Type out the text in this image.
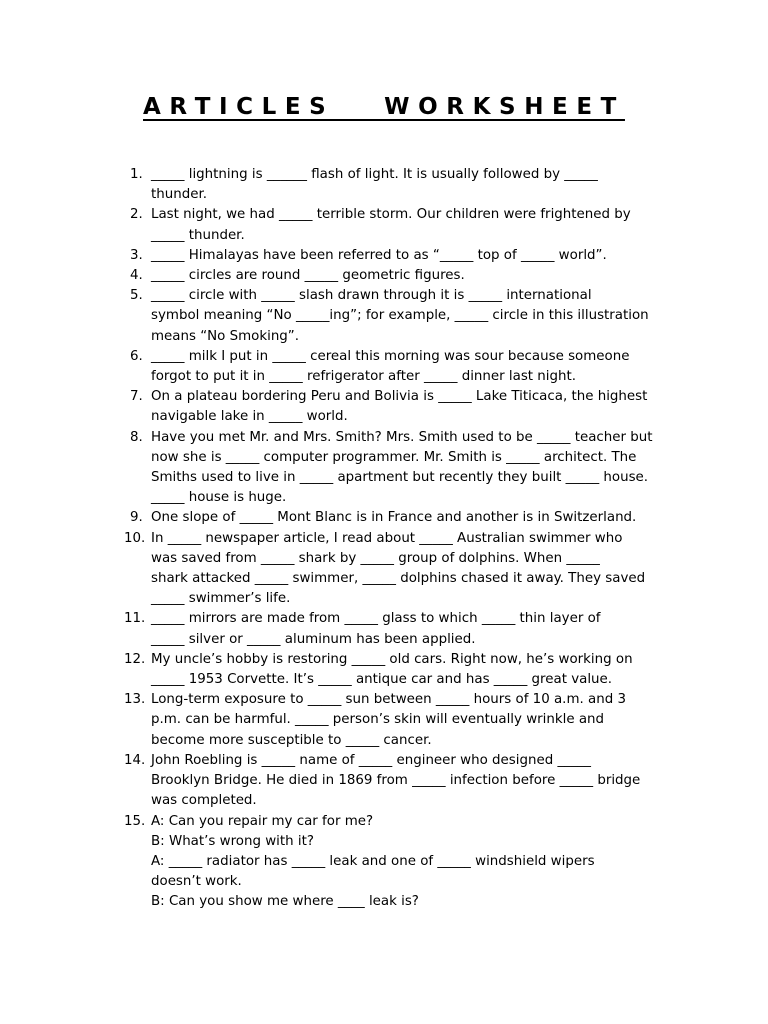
ARTICLES   WORKSHEET
1. _____ lightning is ______ flash of light. It is usually followed by _____
thunder.
2. Last night, we had _____ terrible storm. Our children were frightened by
_____ thunder.
3. _____ Himalayas have been referred to as “_____ top of _____ world”.
4. _____ circles are round _____ geometric figures.
5. _____ circle with _____ slash drawn through it is _____ international
symbol meaning “No _____ing”; for example, _____ circle in this illustration
means “No Smoking”.
6. _____ milk I put in _____ cereal this morning was sour because someone
forgot to put it in _____ refrigerator after _____ dinner last night.
7. On a plateau bordering Peru and Bolivia is _____ Lake Titicaca, the highest
navigable lake in _____ world.
8. Have you met Mr. and Mrs. Smith? Mrs. Smith used to be _____ teacher but
now she is _____ computer programmer. Mr. Smith is _____ architect. The
Smiths used to live in _____ apartment but recently they built _____ house.
_____ house is huge.
9. One slope of _____ Mont Blanc is in France and another is in Switzerland.
10. In _____ newspaper article, I read about _____ Australian swimmer who
was saved from _____ shark by _____ group of dolphins. When _____
shark attacked _____ swimmer, _____ dolphins chased it away. They saved
_____ swimmer’s life.
11. _____ mirrors are made from _____ glass to which _____ thin layer of
_____ silver or _____ aluminum has been applied.
12. My uncle’s hobby is restoring _____ old cars. Right now, he’s working on
_____ 1953 Corvette. It’s _____ antique car and has _____ great value.
13. Long-term exposure to _____ sun between _____ hours of 10 a.m. and 3
p.m. can be harmful. _____ person’s skin will eventually wrinkle and
become more susceptible to _____ cancer.
14. John Roebling is _____ name of _____ engineer who designed _____
Brooklyn Bridge. He died in 1869 from _____ infection before _____ bridge
was completed.
15. A: Can you repair my car for me?
B: What’s wrong with it?
A: _____ radiator has _____ leak and one of _____ windshield wipers
doesn’t work.
B: Can you show me where ____ leak is?
